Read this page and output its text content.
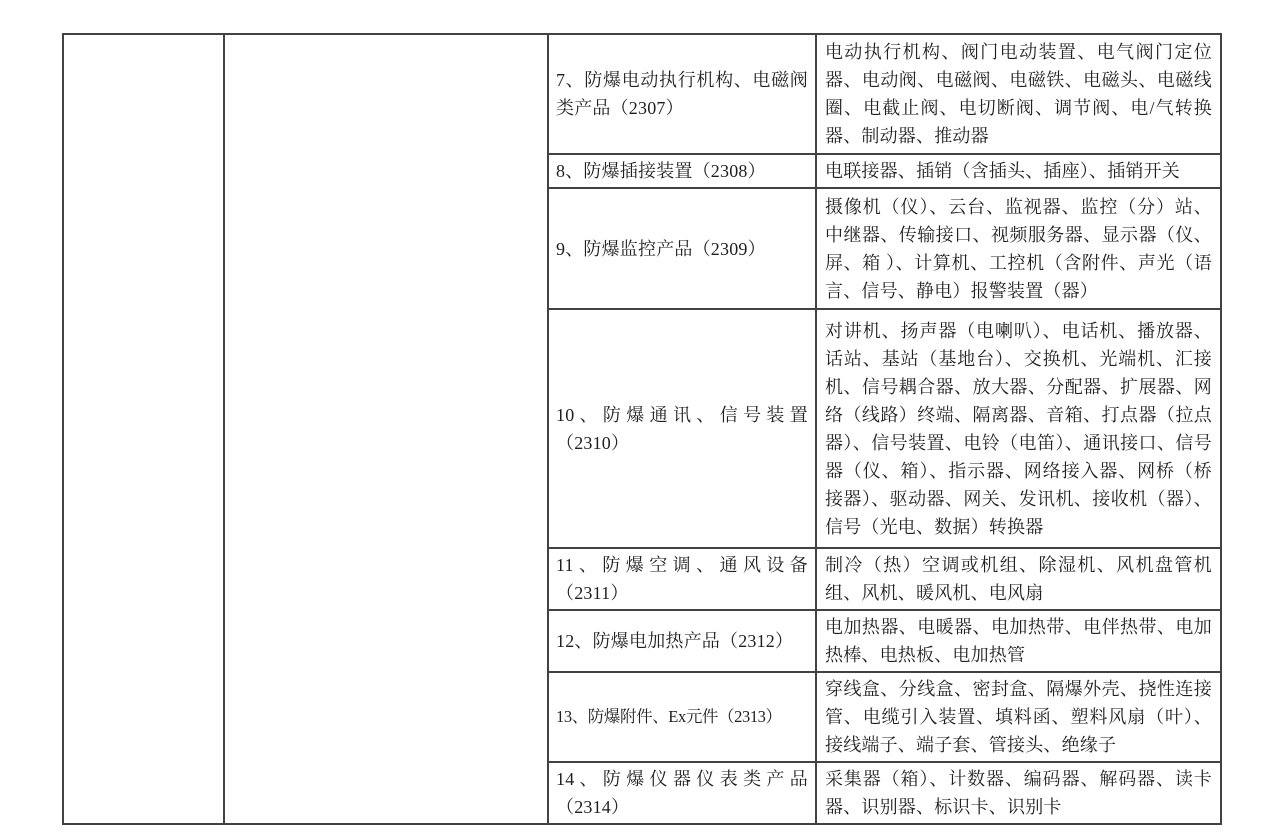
7、防爆电动执行机构、电磁阀类产品（2307）
电动执行机构、阀门电动装置、电气阀门定位器、电动阀、电磁阀、电磁铁、电磁头、电磁线圈、电截止阀、电切断阀、调节阀、电/气转换器、制动器、推动器
8、防爆插接装置（2308）	电联接器、插销（含插头、插座）、插销开关
9、防爆监控产品（2309）
摄像机（仪）、云台、监视器、监控（分）站、中继器、传输接口、视频服务器、显示器（仪、屏、箱 ）、计算机、工控机（含附件、声光（语言、信号、静电）报警装置（器）
10、防爆通讯、信号装置（2310）
对讲机、扬声器（电喇叭）、电话机、播放器、话站、基站（基地台）、交换机、光端机、汇接机、信号耦合器、放大器、分配器、扩展器、网络（线路）终端、隔离器、音箱、打点器（拉点器）、信号装置、电铃（电笛）、通讯接口、信号器（仪、箱）、指示器、网络接入器、网桥（桥接器）、驱动器、网关、发讯机、接收机（器）、信号（光电、数据）转换器
11、防爆空调、通风设备（2311）
制冷（热）空调或机组、除湿机、风机盘管机组、风机、暖风机、电风扇
12、防爆电加热产品（2312）
电加热器、电暖器、电加热带、电伴热带、电加热棒、电热板、电加热管
13、防爆附件、Ex元件（2313）
穿线盒、分线盒、密封盒、隔爆外壳、挠性连接管、电缆引入装置、填料函、塑料风扇（叶）、接线端子、端子套、管接头、绝缘子
14、防爆仪器仪表类产品（2314）
采集器（箱）、计数器、编码器、解码器、读卡器、识别器、标识卡、识别卡
